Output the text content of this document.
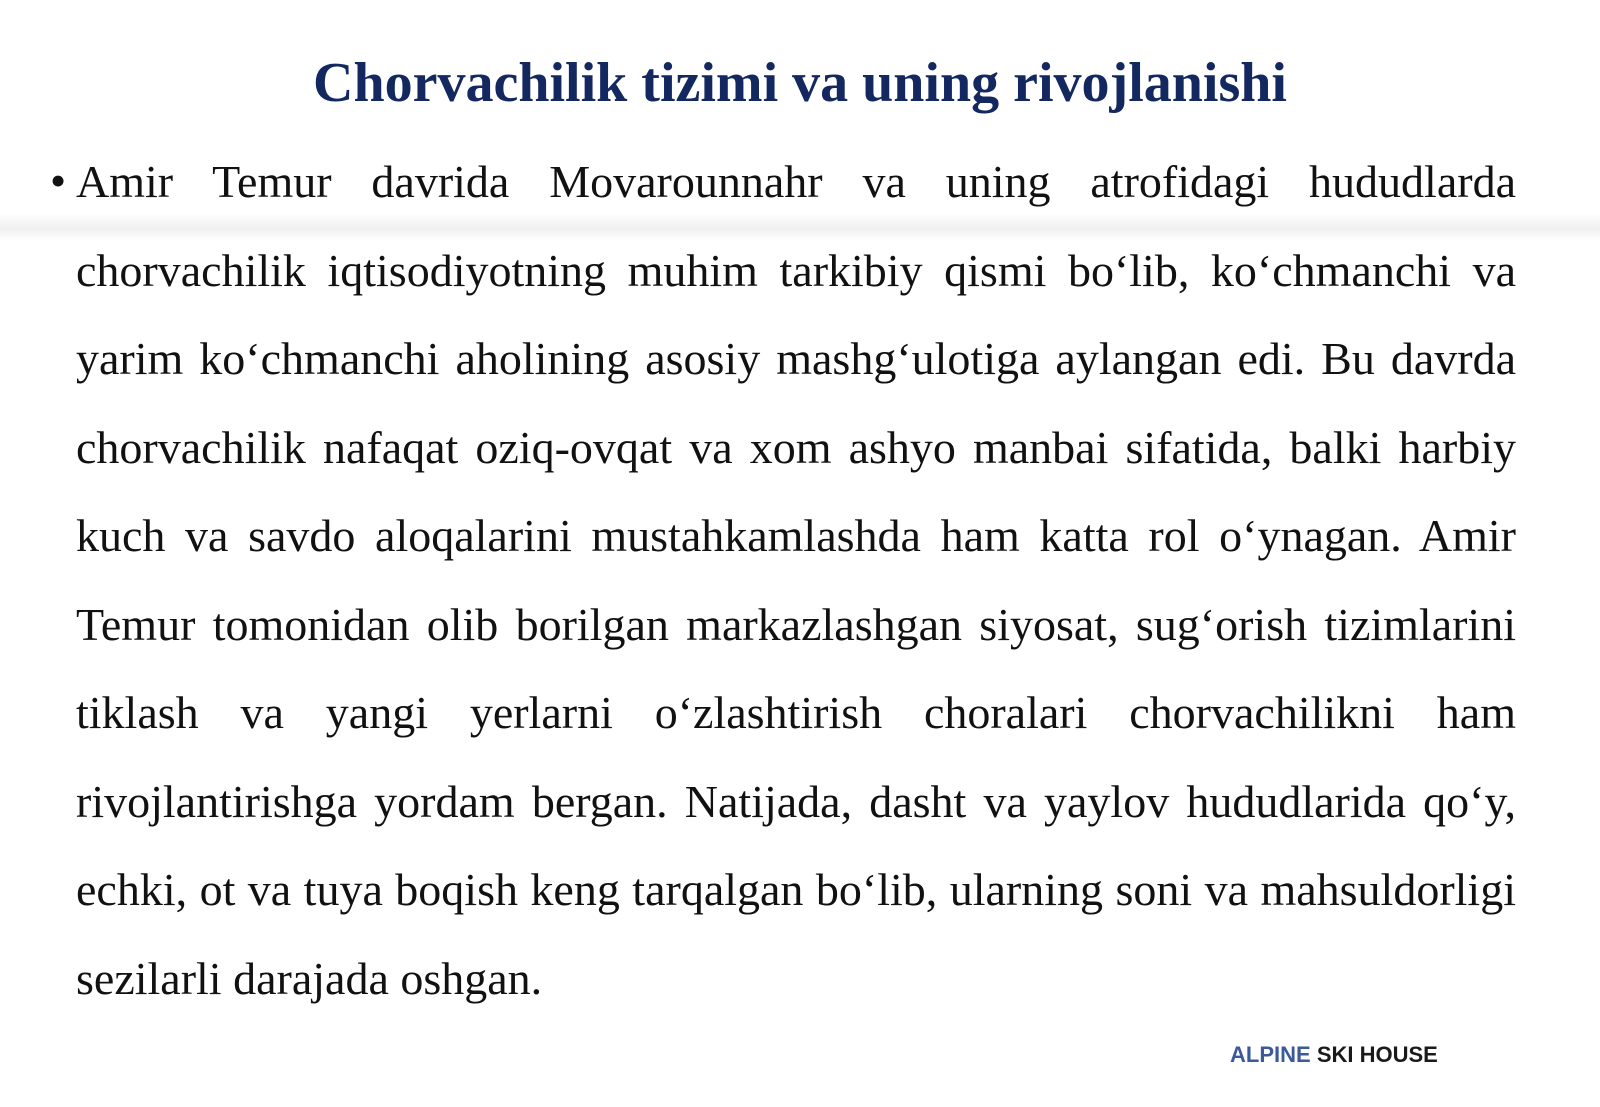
Chorvachilik tizimi va uning rivojlanishi
• Amir Temur davrida Movarounnahr va uning atrofidagi hududlarda chorvachilik iqtisodiyotning muhim tarkibiy qismi bo‘lib, ko‘chmanchi va yarim ko‘chmanchi aholining asosiy mashg‘ulotiga aylangan edi. Bu davrda chorvachilik nafaqat oziq-ovqat va xom ashyo manbai sifatida, balki harbiy kuch va savdo aloqalarini mustahkamlashda ham katta rol o‘ynagan. Amir Temur tomonidan olib borilgan markazlashgan siyosat, sug‘orish tizimlarini tiklash va yangi yerlarni o‘zlashtirish choralari chorvachilikni ham rivojlantirishga yordam bergan. Natijada, dasht va yaylov hududlarida qo‘y, echki, ot va tuya boqish keng tarqalgan bo‘lib, ularning soni va mahsuldorligi sezilarli darajada oshgan.

ALPINE SKI HOUSE
